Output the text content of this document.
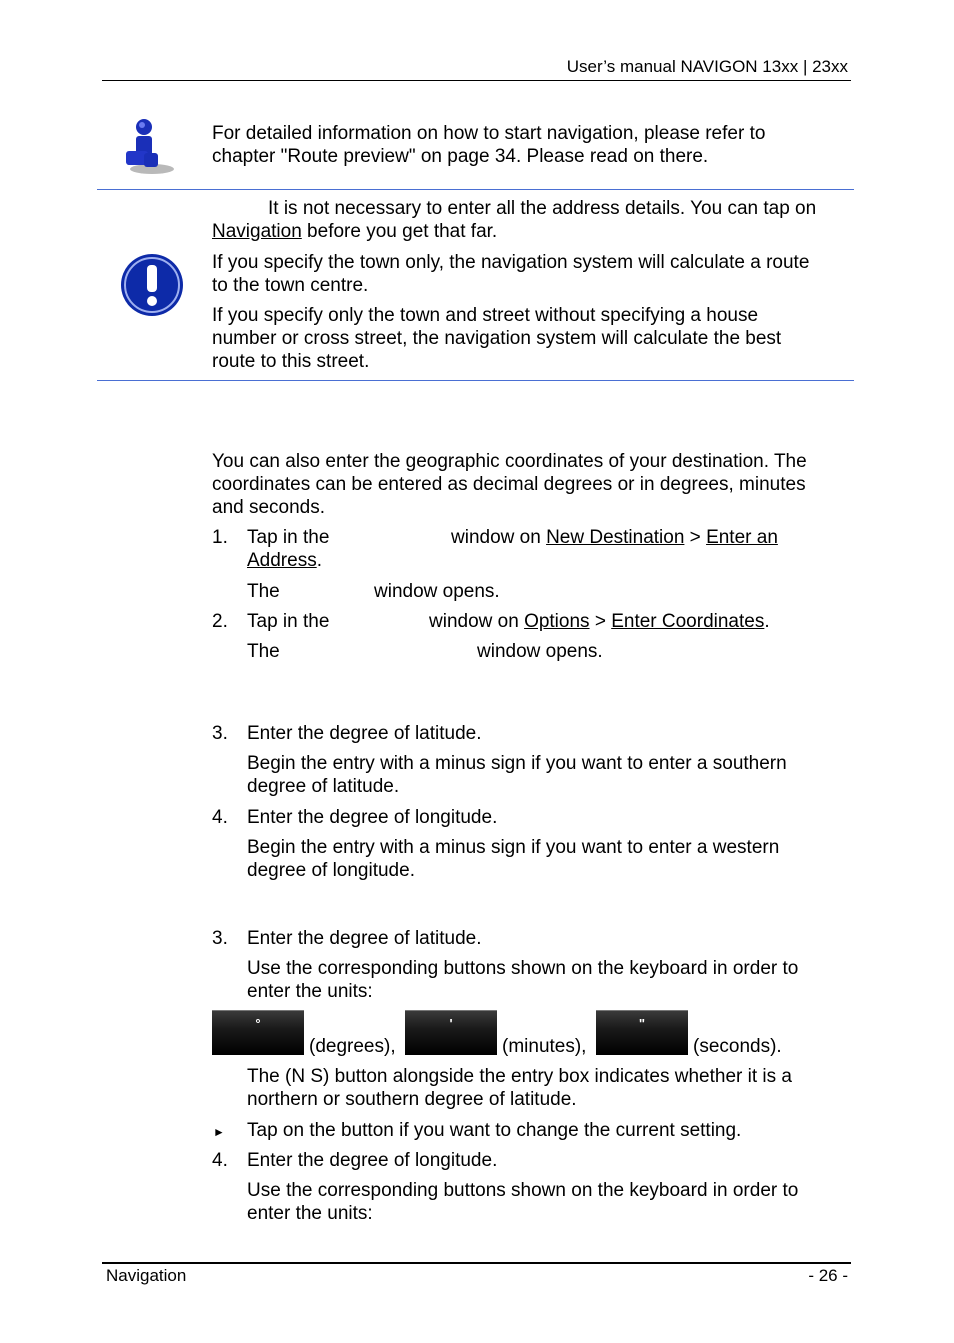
User’s manual NAVIGON 13xx | 23xx
For detailed information on how to start navigation, please refer to
chapter "Route preview" on page 34. Please read on there.
It is not necessary to enter all the address details. You can tap on
Navigation before you get that far.
If you specify the town only, the navigation system will calculate a route
to the town centre.
If you specify only the town and street without specifying a house
number or cross street, the navigation system will calculate the best
route to this street.
You can also enter the geographic coordinates of your destination. The
coordinates can be entered as decimal degrees or in degrees, minutes
and seconds.
1. Tap in the	window on New Destination > Enter an
Address.
The	window opens.
2. Tap in the	window on Options > Enter Coordinates.
The	window opens.
3. Enter the degree of latitude.
Begin the entry with a minus sign if you want to enter a southern
degree of latitude.
4. Enter the degree of longitude.
Begin the entry with a minus sign if you want to enter a western
degree of longitude.
3. Enter the degree of latitude.
Use the corresponding buttons shown on the keyboard in order to
enter the units:
°
(degrees),
'
(minutes),
"
(seconds).
The (N S) button alongside the entry box indicates whether it is a
northern or southern degree of latitude.
► Tap on the button if you want to change the current setting.
4. Enter the degree of longitude.
Use the corresponding buttons shown on the keyboard in order to
enter the units:
Navigation	- 26 -
